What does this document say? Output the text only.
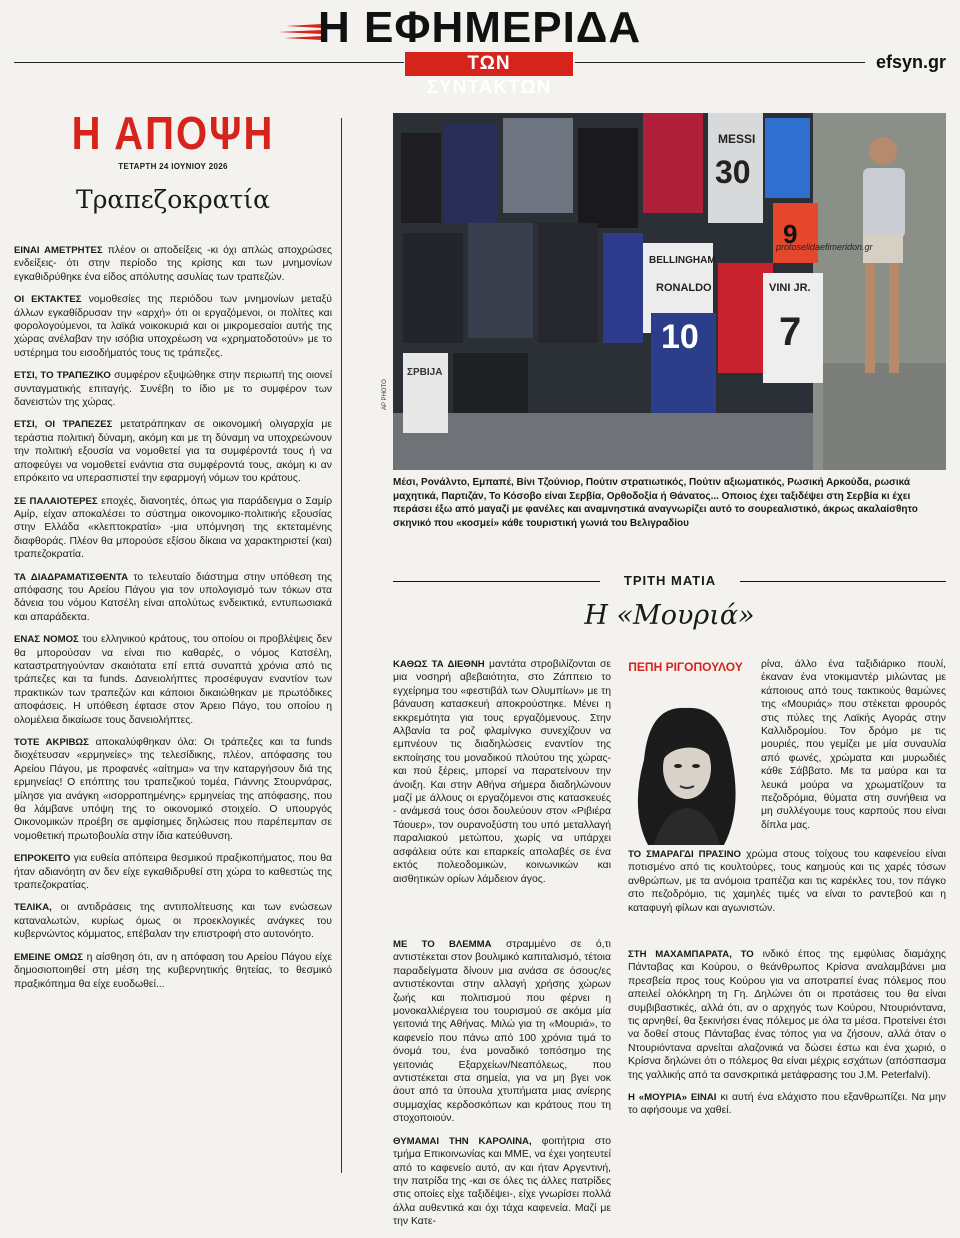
Η ΕΦΗΜΕΡΙΔΑ
ΤΩΝ ΣΥΝΤΑΚΤΩΝ
efsyn.gr
Η ΑΠΟΨΗ
ΤΕΤΑΡΤΗ 24 ΙΟΥΝΙΟΥ 2026
Τραπεζοκρατία

ΕΙΝΑΙ ΑΜΕΤΡΗΤΕΣ πλέον οι αποδείξεις -κι όχι απλώς αποχρώσες ενδείξεις- ότι στην περίοδο της κρίσης και των μνημονίων εγκαθιδρύθηκε ένα είδος απόλυτης ασυλίας των τραπεζών.

ΟΙ ΕΚΤΑΚΤΕΣ νομοθεσίες της περιόδου των μνημονίων μεταξύ άλλων εγκαθίδρυσαν την «αρχή» ότι οι εργαζόμενοι, οι πολίτες και φορολογούμενοι, τα λαϊκά νοικοκυριά και οι μικρομεσαίοι αυτής της χώρας ανέλαβαν την ισόβια υποχρέωση να «χρηματοδοτούν» με το υστέρημα του εισοδήματός τους τις τράπεζες.

ΕΤΣΙ, ΤΟ ΤΡΑΠΕΖΙΚΟ συμφέρον εξυψώθηκε στην περιωπή της οιονεί συνταγματικής επιταγής. Συνέβη το ίδιο με το συμφέρον των δανειστών της χώρας.

ΕΤΣΙ, ΟΙ ΤΡΑΠΕΖΕΣ μετατράπηκαν σε οικονομική ολιγαρχία με τεράστια πολιτική δύναμη, ακόμη και με τη δύναμη να υποχρεώνουν την πολιτική εξουσία να νομοθετεί για τα συμφέροντά τους ή να αποφεύγει να νομοθετεί ενάντια στα συμφέροντά τους, ακόμη κι αν επρόκειτο να υπερασπιστεί την εφαρμογή νόμων του κράτους.

ΣΕ ΠΑΛΑΙΟΤΕΡΕΣ εποχές, διανοητές, όπως για παράδειγμα ο Σαμίρ Αμίρ, είχαν αποκαλέσει το σύστημα οικονομικο-πολιτικής εξουσίας στην Ελλάδα «κλεπτοκρατία» -μια υπόμνηση της εκτεταμένης διαφθοράς. Πλέον θα μπορούσε εξίσου δίκαια να χαρακτηριστεί (και) τραπεζοκρατία.

ΤΑ ΔΙΑΔΡΑΜΑΤΙΣΘΕΝΤΑ το τελευταίο διάστημα στην υπόθεση της απόφασης του Αρείου Πάγου για τον υπολογισμό των τόκων στα δάνεια του νόμου Κατσέλη είναι απολύτως ενδεικτικά, εντυπωσιακά και απαράδεκτα.

ΕΝΑΣ ΝΟΜΟΣ του ελληνικού κράτους, του οποίου οι προβλέψεις δεν θα μπορούσαν να είναι πιο καθαρές, ο νόμος Κατσέλη, καταστρατηγούνταν σκαιότατα επί επτά συναπτά χρόνια από τις τράπεζες και τα funds. Δανειολήπτες προσέφυγαν εναντίον των πρακτικών των τραπεζών και κάποιοι δικαιώθηκαν με πρωτόδικες αποφάσεις. Η υπόθεση έφτασε στον Άρειο Πάγο, του οποίου η ολομέλεια δικαίωσε τους δανειολήπτες.

ΤΟΤΕ ΑΚΡΙΒΩΣ αποκαλύφθηκαν όλα: Οι τράπεζες και τα funds διοχέτευσαν «ερμηνείες» της τελεσίδικης, πλέον, απόφασης του Αρείου Πάγου, με προφανές «αίτημα» να την καταργήσουν διά της ερμηνείας! Ο επόπτης του τραπεζικού τομέα, Γιάννης Στουρνάρας, μίλησε για ανάγκη «ισορροπημένης» ερμηνείας της απόφασης, που θα λάμβανε υπόψη της το οικονομικό στοιχείο. Ο υπουργός Οικονομικών προέβη σε αμφίσημες δηλώσεις που παρέπεμπαν σε νομοθετική πρωτοβουλία στην ίδια κατεύθυνση.

ΕΠΡΟΚΕΙΤΟ για ευθεία απόπειρα θεσμικού πραξικοπήματος, που θα ήταν αδιανόητη αν δεν είχε εγκαθιδρυθεί στη χώρα το καθεστώς της τραπεζοκρατίας.

ΤΕΛΙΚΑ, οι αντιδράσεις της αντιπολίτευσης και των ενώσεων καταναλωτών, κυρίως όμως οι προεκλογικές ανάγκες του κυβερνώντος κόμματος, επέβαλαν την επιστροφή στο αυτονόητο.

ΕΜΕΙΝΕ ΟΜΩΣ η αίσθηση ότι, αν η απόφαση του Αρείου Πάγου είχε δημοσιοποιηθεί στη μέση της κυβερνητικής θητείας, το θεσμικό πραξικόπημα θα είχε ευοδωθεί...

MESSI
30
BELLINGHAM
RONALDO
10
VINI JR.
7
9
ΣΡΒΙЈΑ
protoselidaefimeridon.gr
AP PHOTO
Μέσι, Ρονάλντο, Εμπαπέ, Βίνι Τζούνιορ, Πούτιν στρατιωτικός, Πούτιν αξιωματικός, Ρωσική Αρκούδα, ρωσικά μαχητικά, Παρτιζάν, Το Κόσοβο είναι Σερβία, Ορθοδοξία ή Θάνατος... Οποιος έχει ταξιδέψει στη Σερβία κι έχει περάσει έξω από μαγαζί με φανέλες και αναμνηστικά αναγνωρίζει αυτό το σουρεαλιστικό, άκρως ακαλαίσθητο σκηνικό που «κοσμεί» κάθε τουριστική γωνιά του Βελιγραδίου
ΤΡΙΤΗ ΜΑΤΙΑ
Η «Μουριά»

ΚΑΘΩΣ ΤΑ ΔΙΕΘΝΗ μαντάτα στροβιλίζονται σε μια νοσηρή αβεβαιότητα, στο Ζάππειο το εγχείρημα του «φεστιβάλ των Ολυμπίων» με τη βάναυση κατασκευή αποκρούστηκε. Μένει η εκκρεμότητα για τους εργαζόμενους. Στην Αλβανία τα ροζ φλαμίνγκο συνεχίζουν να εμπνέουν τις διαδηλώσεις εναντίον της εκποίησης του μοναδικού πλούτου της χώρας- και πού ξέρεις, μπορεί να παρατείνουν την άνοιξη. Και στην Αθήνα σήμερα διαδηλώνουν μαζί με άλλους οι εργαζόμενοι στις κατασκευές - ανάμεσά τους όσοι δουλεύουν στον «Ριβιέρα Τάουερ», τον ουρανοξύστη του υπό μεταλλαγή παραλιακού μετώπου, χωρίς να υπάρχει ασφάλεια ούτε και επαρκείς απολαβές σε ένα εκτός πολεοδομικών, κοινωνικών και αισθητικών ορίων λάμδειον άγος.

ΠΕΠΗ ΡΙΓΟΠΟΥΛΟΥ	ρίνα, άλλο ένα ταξιδιάρικο πουλί, έκαναν ένα ντοκιμαντέρ μιλώντας με κάποιους από τους τακτικούς θαμώνες της «Μουριάς» που στέκεται φρουρός στις πύλες της Λαϊκής Αγοράς στην Καλλιδρομίου. Τον δρόμο με τις μουριές, που γεμίζει με μία συναυλία από φωνές, χρώματα και μυρωδιές κάθε Σάββατο. Με τα μαύρα και τα λευκά μούρα να χρωματίζουν τα πεζοδρόμια, θύματα στη συνήθεια να μη συλλέγουμε τους καρπούς που είναι δίπλα μας.

ΤΟ ΣΜΑΡΑΓΔΙ ΠΡΑΣΙΝΟ χρώμα στους τοίχους του καφενείου είναι ποτισμένο από τις κουλτούρες, τους καημούς και τις χαρές τόσων ανθρώπων, με τα ανόμοια τραπέζια και τις καρέκλες του, τον πάγκο στο πεζοδρόμιο, τις χαμηλές τιμές να είναι το ραντεβού και η καταφυγή φίλων και αγωνιστών.

ΜΕ ΤΟ ΒΛΕΜΜΑ στραμμένο σε ό,τι αντιστέκεται στον βουλιμικό καπιταλισμό, τέτοια παραδείγματα δίνουν μια ανάσα σε όσους/ες αντιστέκονται στην αλλαγή χρήσης χώρων ζωής και πολιτισμού που φέρνει η μονοκαλλιέργεια του τουρισμού σε ακόμα μία γειτονιά της Αθήνας. Μιλώ για τη «Μουριά», το καφενείο που πάνω από 100 χρόνια τιμά το όνομά του, ένα μοναδικό τοπόσημο της γειτονιάς Εξαρχείων/Νεαπόλεως, που αντιστέκεται στα σημεία, για να μη βγει νοκ άουτ από τα ύπουλα χτυπήματα μιας ανίερης συμμαχίας κερδοσκόπων και κράτους που τη στοχοποιούν.

ΘΥΜΑΜΑΙ ΤΗΝ ΚΑΡΟΛΙΝΑ, φοιτήτρια στο τμήμα Επικοινωνίας και ΜΜΕ, να έχει γοητευτεί από το καφενείο αυτό, αν και ήταν Αργεντινή, την πατρίδα της -και σε όλες τις άλλες πατρίδες στις οποίες είχε ταξιδέψει-, είχε γνωρίσει πολλά άλλα αυθεντικά και όχι τάχα καφενεία. Μαζί με την Κατε-

ΣΤΗ ΜΑΧΑΜΠΑΡΑΤΑ, ΤΟ ινδικό έπος της εμφύλιας διαμάχης Πάνταβας και Κούρου, ο θεάνθρωπος Κρίσνα αναλαμβάνει μια πρεσβεία προς τους Κούρου για να αποτραπεί ένας πόλεμος που απειλεί ολόκληρη τη Γη. Δηλώνει ότι οι προτάσεις του θα είναι συμβιβαστικές, αλλά ότι, αν ο αρχηγός των Κούρου, Ντουριόντανα, τις αρνηθεί, θα ξεκινήσει ένας πόλεμος με όλα τα μέσα. Προτείνει έτσι να δοθεί στους Πάνταβας ένας τόπος για να ζήσουν, αλλά όταν ο Ντουριόντανα αρνείται αλαζονικά να δώσει έστω και ένα χωριό, ο Κρίσνα δηλώνει ότι ο πόλεμος θα είναι μέχρις εσχάτων (απόσπασμα της γαλλικής από τα σανσκριτικά μετάφρασης του J.M. Peterfalvi).

Η «ΜΟΥΡΙΑ» ΕΙΝΑΙ κι αυτή ένα ελάχιστο που εξανθρωπίζει. Να μην το αφήσουμε να χαθεί.
